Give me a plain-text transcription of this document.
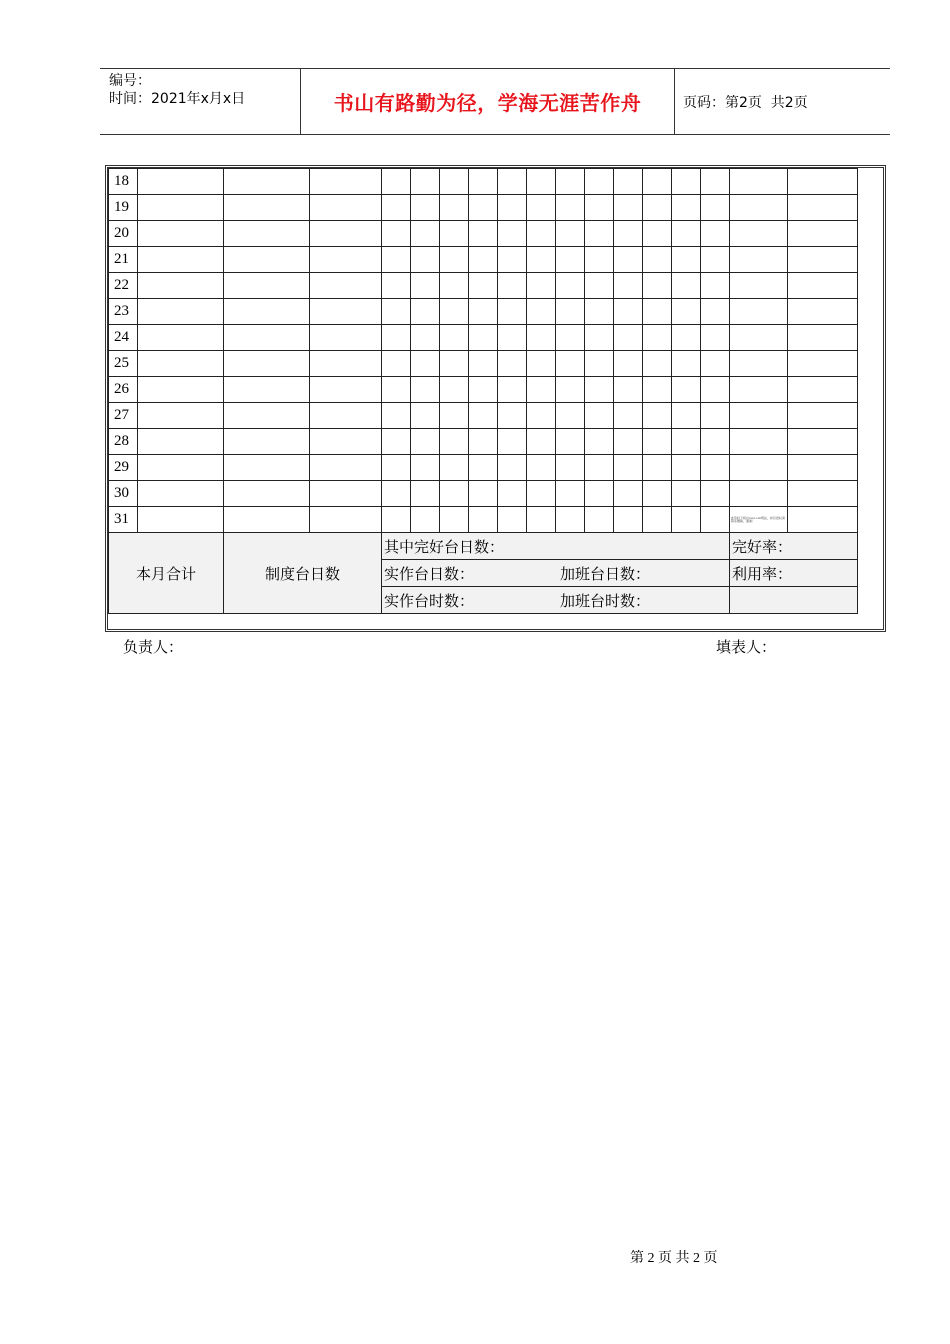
编号：
时间：2021年x月x日	书山有路勤为径，学海无涯苦作舟	页码：第2页  共2页
18																	
19																	
20																	
21																	
22																	
23																	
24																	
25																	
26																	
27																	
28																	
29																	
30																	
31																此资料下载自xxxx.com网站，如有侵权请联系删除，谢谢！	

本月合计		制度台日数		其中完好台日数：												完好率：	

				实作台日数： 加班台日数：												利用率：	

				实作台时数： 加班台时数：													

负责人：	填表人：
第 2 页 共 2 页
